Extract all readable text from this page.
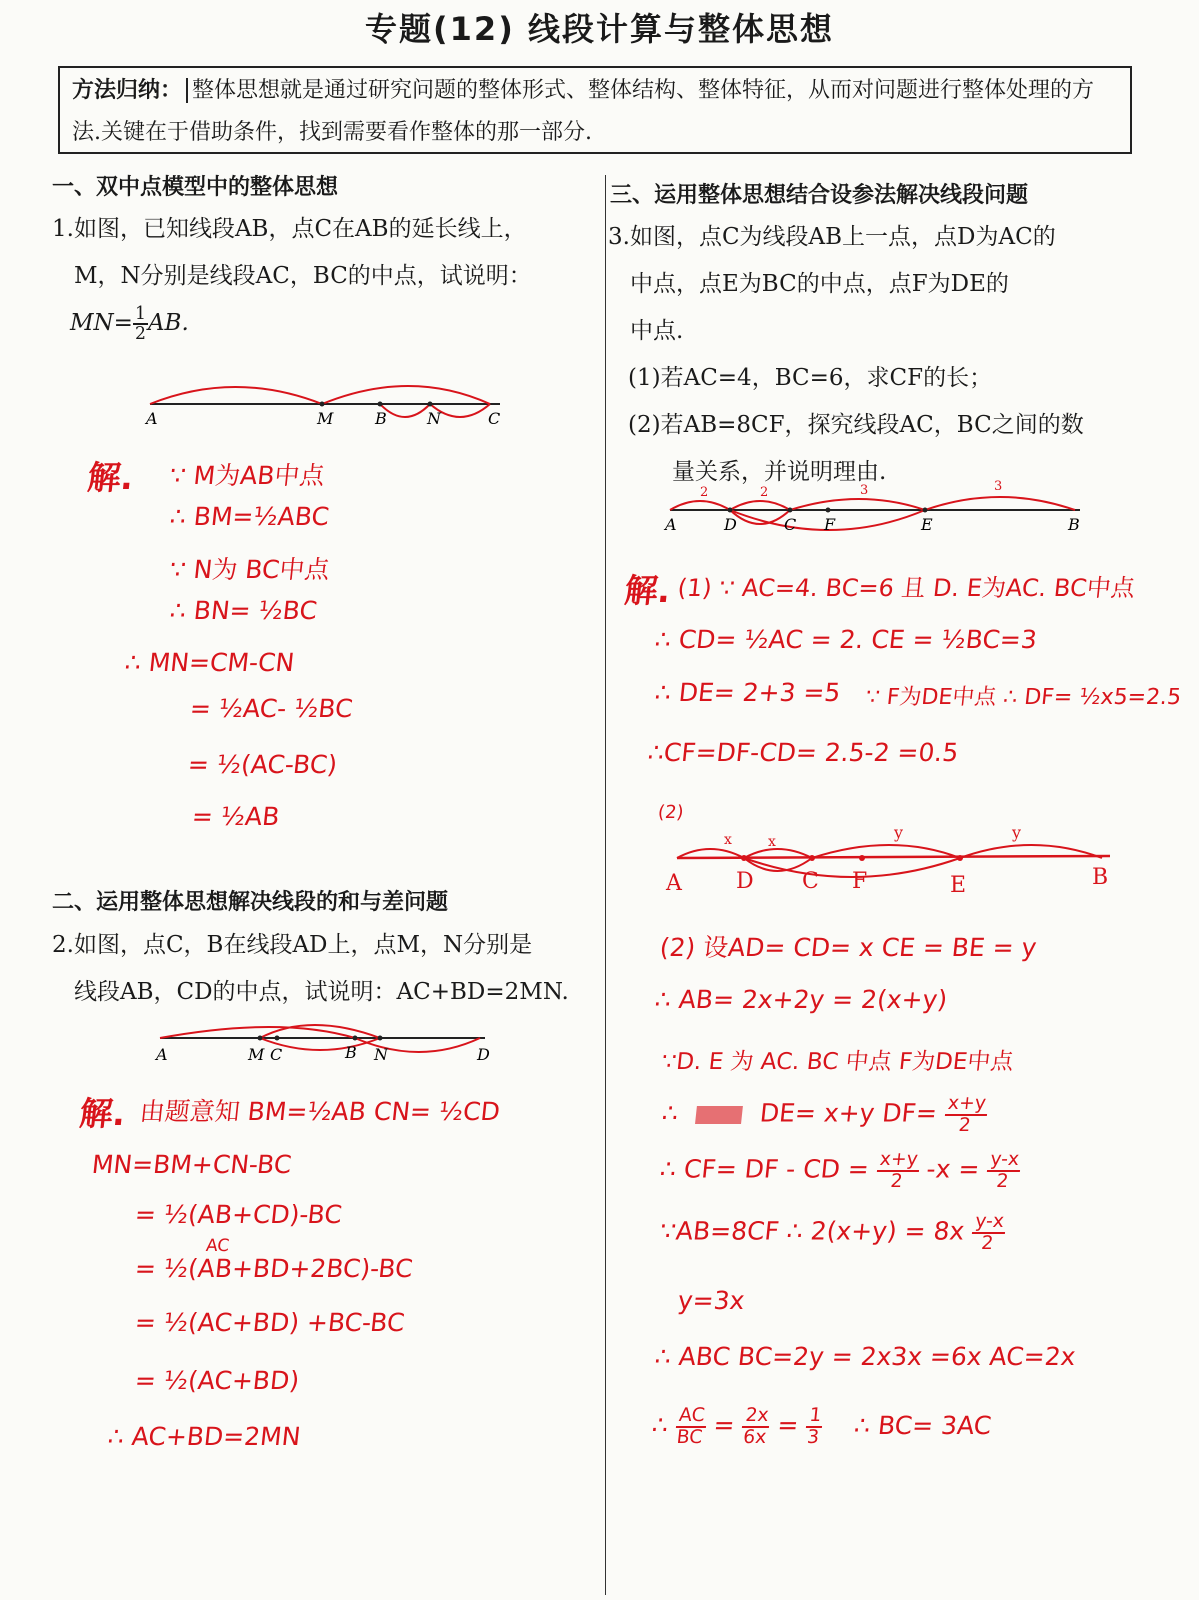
专题(12) 线段计算与整体思想
方法归纳： 整体思想就是通过研究问题的整体形式、整体结构、整体特征，从而对问题进行整体处理的方法.关键在于借助条件，找到需要看作整体的那一部分.
一、双中点模型中的整体思想
1.如图，已知线段AB，点C在AB的延长线上，
M，N分别是线段AC，BC的中点，试说明：
$MN= \frac{1}{2}$ AB.
A	M	B	N	C
解. ∵ M为AB中点
∴ BM=½ABC
∵ N为 BC中点
∴ BN= ½BC
∴ MN=CM-CN
= ½AC- ½BC
= ½(AC-BC)
= ½AB
二、运用整体思想解决线段的和与差问题
2.如图，点C，B在线段AD上，点M，N分别是
线段AB，CD的中点，试说明：AC+BD=2MN.
A	M C	B N	D
解. 由题意知 BM=½AB CN= ½CD
MN=BM+CN-BC
= ½(AB+CD)-BC
AC
= ½(AB+BD+2BC)-BC
= ½(AC+BD) +BC-BC
= ½(AC+BD)
∴ AC+BD=2MN
三、运用整体思想结合设参法解决线段问题
3.如图，点C为线段AB上一点，点D为AC的
中点，点E为BC的中点，点F为DE的
中点.
(1)若AC=4，BC=6，求CF的长；
(2)若AB=8CF，探究线段AC，BC之间的数
量关系，并说明理由.
2	2	3	3
A	D	C F	E	B
解. (1) ∵ AC=4. BC=6 且 D. E为AC. BC中点
∴ CD= ½AC = 2. CE = ½BC=3
∴ DE= 2+3 =5 ∵ F为DE中点 ∴ DF= ½x5=2.5
∴CF=DF-CD= 2.5-2 =0.5
(2)
x	x	y	y
A D C F	E	B
(2) 设AD= CD= x CE = BE = y
∴ AB= 2x+2y = 2(x+y)
∵D. E 为 AC. BC 中点 F为DE中点
∴	DE= x+y $DF= \frac{x+y}{2}$
∴ CF= DF - CD = $\frac{x+y}{2} -x = \frac{y-x}{2}$
∵AB=8CF ∴ $2(x+y) = 8x \frac{y-x}{2}$
y=3x
∴ ABC BC=2y = 2x3x =6x AC=2x
∴ $\frac{AC}{BC} = \frac{2x}{6x} = \frac{1}{3}$ ∴ BC= 3AC
